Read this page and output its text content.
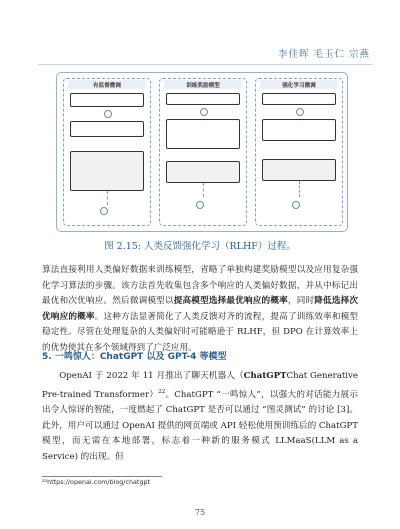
李佳晖 毛玉仁 宗燕
有监督微调	训练奖励模型	强化学习微调
图 2.15: 人类反馈强化学习（RLHF）过程。
算法直接利用人类偏好数据来训练模型，省略了单独构建奖励模型以及应用复杂强化学习算法的步骤。该方法首先收集包含多个响应的人类偏好数据，并从中标记出最优和次优响应。然后微调模型以提高模型选择最优响应的概率，同时降低选择次优响应的概率。这种方法显著简化了人类反馈对齐的流程，提高了训练效率和模型稳定性。尽管在处理复杂的人类偏好时可能略逊于 RLHF，但 DPO 在计算效率上的优势使其在多个领域得到了广泛应用。
5. 一鸣惊人：ChatGPT 以及 GPT-4 等模型
OpenAI 于 2022 年 11 月推出了聊天机器人（ChatGPTChat Generative Pre-trained Transformer）$^{22}$。ChatGPT “一鸣惊人”，以强大的对话能力展示出令人惊讶的智能，一度燃起了 ChatGPT 是否可以通过 “图灵测试” 的讨论 [3]。此外，用户可以通过 OpenAI 提供的网页端或 API 轻松使用预训练后的 ChatGPT 模型，而无需在本地部署，标志着一种新的服务模式 LLMaaS(LLM as a Service) 的出现。但
²²https://openai.com/blog/chatgpt
75
